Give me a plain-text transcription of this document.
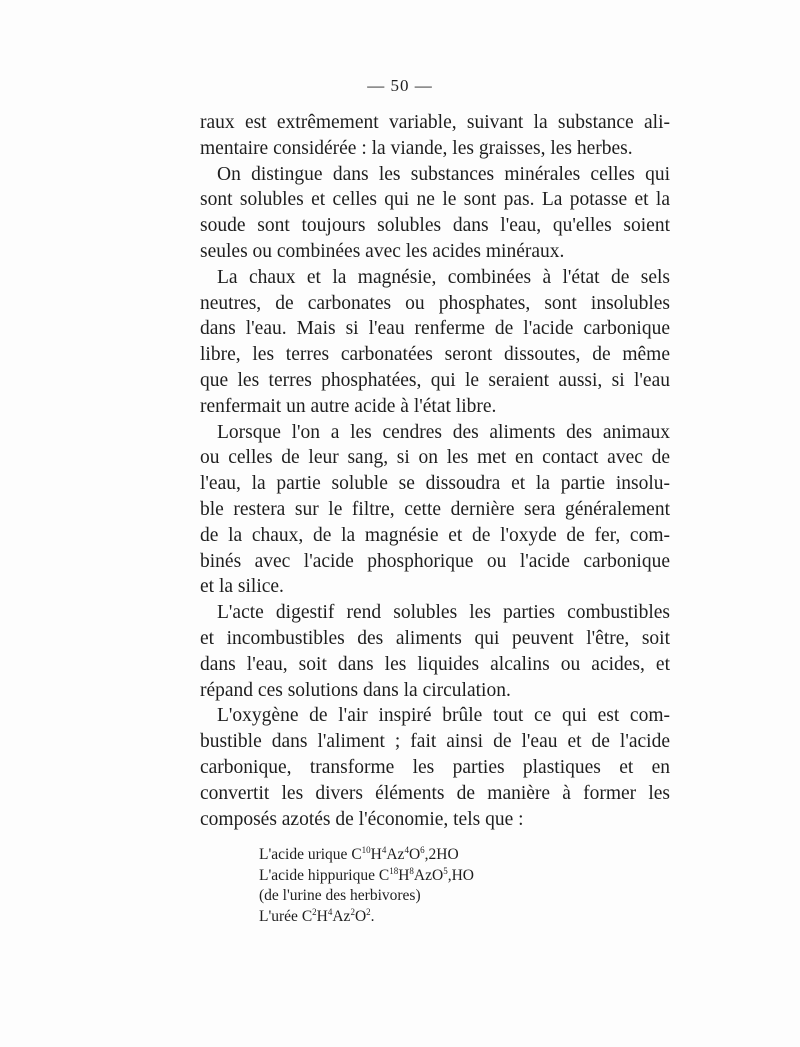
— 50 —
raux est extrêmement variable, suivant la substance ali-
mentaire considérée : la viande, les graisses, les herbes.
On distingue dans les substances minérales celles qui
sont solubles et celles qui ne le sont pas. La potasse et la
soude sont toujours solubles dans l'eau, qu'elles soient
seules ou combinées avec les acides minéraux.
La chaux et la magnésie, combinées à l'état de sels
neutres, de carbonates ou phosphates, sont insolubles
dans l'eau. Mais si l'eau renferme de l'acide carbonique
libre, les terres carbonatées seront dissoutes, de même
que les terres phosphatées, qui le seraient aussi, si l'eau
renfermait un autre acide à l'état libre.
Lorsque l'on a les cendres des aliments des animaux
ou celles de leur sang, si on les met en contact avec de
l'eau, la partie soluble se dissoudra et la partie insolu-
ble restera sur le filtre, cette dernière sera généralement
de la chaux, de la magnésie et de l'oxyde de fer, com-
binés avec l'acide phosphorique ou l'acide carbonique
et la silice.
L'acte digestif rend solubles les parties combustibles
et incombustibles des aliments qui peuvent l'être, soit
dans l'eau, soit dans les liquides alcalins ou acides, et
répand ces solutions dans la circulation.
L'oxygène de l'air inspiré brûle tout ce qui est com-
bustible dans l'aliment ; fait ainsi de l'eau et de l'acide
carbonique, transforme les parties plastiques et en
convertit les divers éléments de manière à former les
composés azotés de l'économie, tels que :
L'acide urique $C^{10}H^4Az^4O^6,2HO$
L'acide hippurique $C^{18}H^8AzO^5,HO$
(de l'urine des herbivores)
L'urée $C^2H^4Az^2O^2$.
